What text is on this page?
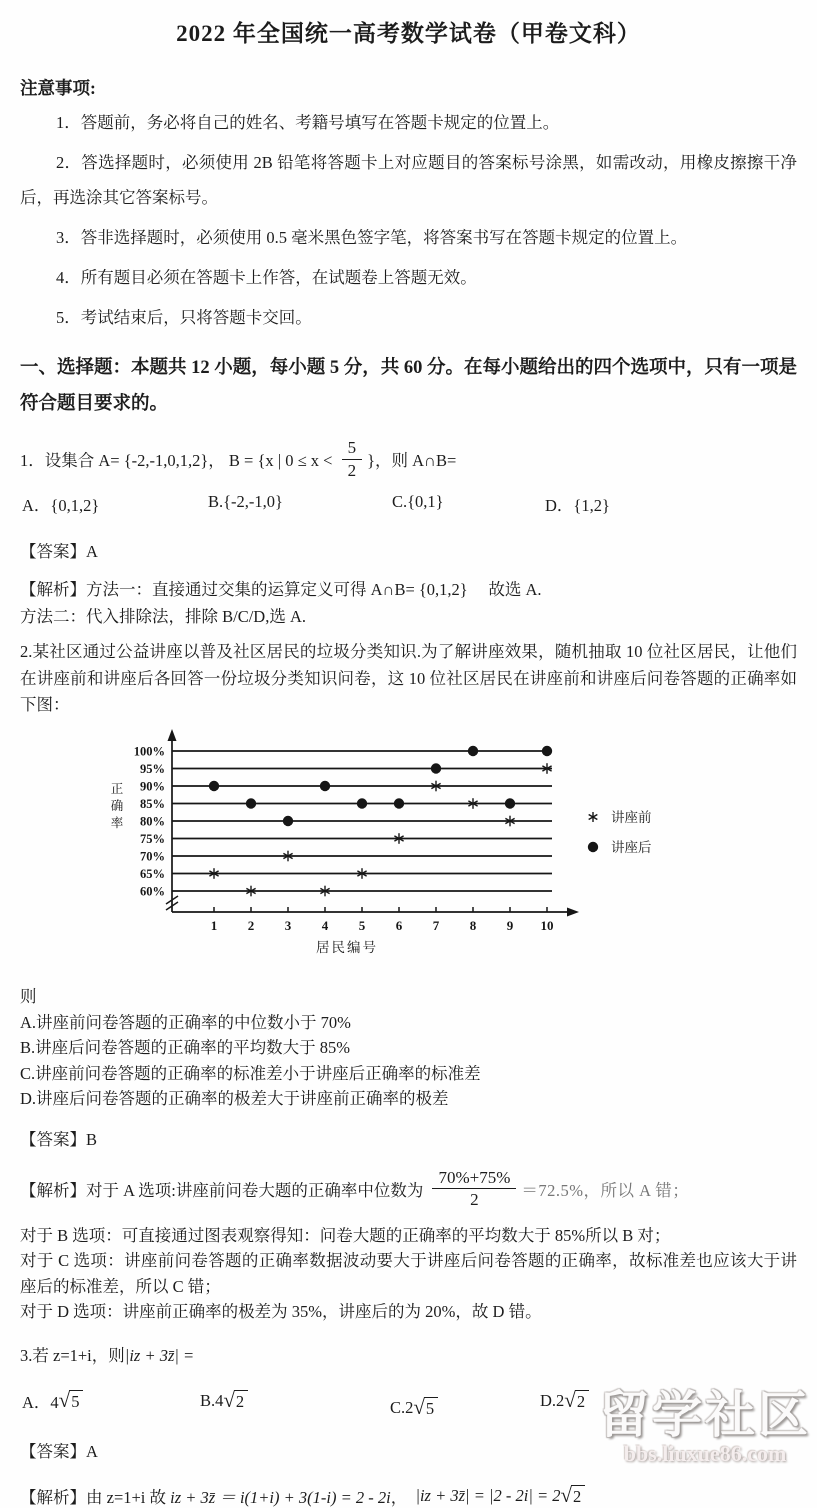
2022 年全国统一高考数学试卷（甲卷文科）
注意事项:

1．答题前，务必将自己的姓名、考籍号填写在答题卡规定的位置上。

2．答选择题时，必须使用 2B 铅笔将答题卡上对应题目的答案标号涂黑，如需改动，用橡皮擦擦干净后，再选涂其它答案标号。

3．答非选择题时，必须使用 0.5 毫米黑色签字笔，将答案书写在答题卡规定的位置上。

4．所有题目必须在答题卡上作答，在试题卷上答题无效。

5．考试结束后，只将答题卡交回。

一、选择题：本题共 12 小题，每小题 5 分，共 60 分。在每小题给出的四个选项中，只有一项是符合题目要求的。
1．设集合 A= {-2,-1,0,1,2}， B = {x | $0 \le x < \frac{5}{2}$ }，则 A∩B=
A．{0,1,2}	B.{-2,-1,0}	C.{0,1}	D．{1,2}
【答案】A
【解析】方法一：直接通过交集的运算定义可得 A∩B= {0,1,2}　 故选 A.
方法二：代入排除法，排除 B/C/D,选 A.

2.某社区通过公益讲座以普及社区居民的垃圾分类知识.为了解讲座效果，随机抽取 10 位社区居民，让他们在讲座前和讲座后各回答一份垃圾分类知识问卷，这 10 位社区居民在讲座前和讲座后问卷答题的正确率如下图：

100%
95%
90%
85%
80%
75%
70%
65%
60%
1 2 3 4 5 6 7 8 9 10
居民编号
正
确
率	讲座前
讲座后
则
A.讲座前问卷答题的正确率的中位数小于 70%
B.讲座后问卷答题的正确率的平均数大于 85%
C.讲座前问卷答题的正确率的标准差小于讲座后正确率的标准差
D.讲座后问卷答题的正确率的极差大于讲座前正确率的极差
【答案】B
【解析】 对于 A 选项:讲座前问卷大题的正确率中位数为 $\frac{70\%+75\%}{2} =72.5\%$，所以 A 错；
对于 B 选项：可直接通过图表观察得知：问卷大题的正确率的平均数大于 85%所以 B 对；
对于 C 选项：讲座前问卷答题的正确率数据波动要大于讲座后问卷答题的正确率，故标准差也应该大于讲座后的标准差，所以 C 错；
对于 D 选项：讲座前正确率的极差为 35%，讲座后的为 20%，故 D 错。
3.若 z=1+i，则 |iz + 3z̄| =
A．4 √ 5	B.4 √ 2	C.2 √ 5	D.2 √ 2
【答案】A
【解析】 由 z=1+i 故 iz + 3z̄ ＝ i(1+i) + 3(1-i) = 2 - 2i ， |iz + 3z̄| = |2 - 2i| = 2 √ 2
留学社区
bbs.liuxue86.com
